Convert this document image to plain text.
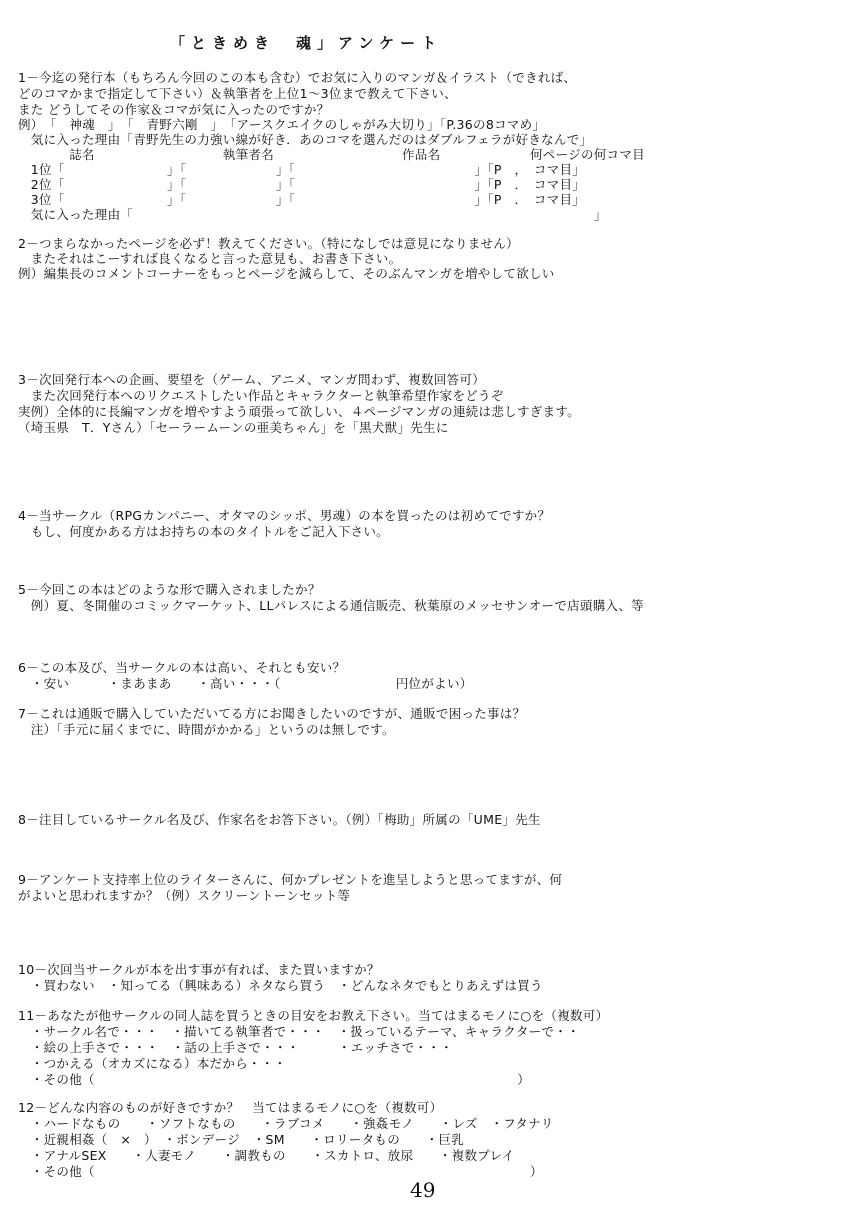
「ときめき　魂」アンケート
1－今迄の発行本（もちろん今回のこの本も含む）でお気に入りのマンガ＆イラスト（できれば、
どのコマかまで指定して下さい）＆執筆者を上位1～3位まで教えて下さい、
また どうしてその作家＆コマが気に入ったのですか？
例）　「　神魂　」　「　青野六剛　」　「アースクエイクのしゃがみ大切り」「P.36の8コマめ」
　気に入った理由「青野先生の力強い線が好き．あのコマを選んだのはダブルフェラが好きなんで」
　　　　誌名　　　　　　　　　　執筆者名　　　　　　　　　　作品名　　　　　　　何ページの何コマ目
　1位「　　　　　　　　」「　　　　　　　」「　　　　　　　　　　　　　　」「P　，　コマ目」
　2位「　　　　　　　　」「　　　　　　　」「　　　　　　　　　　　　　　」「P　．　コマ目」
　3位「　　　　　　　　」「　　　　　　　」「　　　　　　　　　　　　　　」「P　．　コマ目」
　気に入った理由「　　　　　　　　　　　　　　　　　　　　　　　　　　　　　　　　　　　　」
2－つまらなかったページを必ず！教えてください。（特になしでは意見になりません）
　またそれはこーすれば良くなると言った意見も、お書き下さい。
例）編集長のコメントコーナーをもっとページを減らして、そのぶんマンガを増やして欲しい
3－次回発行本への企画、要望を（ゲーム、アニメ、マンガ問わず、複数回答可）
　また次回発行本へのリクエストしたい作品とキャラクターと執筆希望作家をどうぞ
実例）全体的に長編マンガを増やすよう頑張って欲しい、４ページマンガの連続は悲しすぎます。
（埼玉県　T．Yさん）「セーラームーンの亜美ちゃん」を「黒犬獣」先生に
4－当サークル（RPGカンパニー、オタマのシッポ、男魂）の本を買ったのは初めてですか？
　もし、何度かある方はお持ちの本のタイトルをご記入下さい。
5－今回この本はどのような形で購入されましたか？
　例）夏、冬開催のコミックマーケット、LLパレスによる通信販売、秋葉原のメッセサンオーで店頭購入、等
6－この本及び、当サークルの本は高い、それとも安い？
　・安い　　　・まあまあ　　・高い・・・（　　　　　　　　　円位がよい）
7－これは通販で購入していただいてる方にお聞きしたいのですが、通販で困った事は？
　注）「手元に届くまでに、時間がかかる」というのは無しです。
8－注目しているサークル名及び、作家名をお答下さい。（例）「梅助」所属の「UME」先生
9－アンケート支持率上位のライターさんに、何かプレゼントを進呈しようと思ってますが、何
がよいと思われますか？（例）スクリーントーンセット等
10－次回当サークルが本を出す事が有れば、また買いますか？
　・買わない　・知ってる（興味ある）ネタなら買う　・どんなネタでもとりあえずは買う
11－あなたが他サークルの同人誌を買うときの目安をお教え下さい。当てはまるモノに○を（複数可）
　・サークル名で・・・　・描いてる執筆者で・・・　・扱っているテーマ、キャラクターで・・
　・絵の上手さで・・・　・話の上手さで・・・　　　・エッチさで・・・
　・つかえる（オカズになる）本だから・・・
　・その他（　　　　　　　　　　　　　　　　　　　　　　　　　　　　　　　　　）
12－どんな内容のものが好きですか？　当てはまるモノに○を（複数可）
　・ハードなもの　　・ソフトなもの　　・ラブコメ　　・強姦モノ　　・レズ　・フタナリ
　・近親相姦（　×　）　・ボンデージ　・SM　　・ロリータもの　　・巨乳
　・アナルSEX　　・人妻モノ　　・調教もの　　・スカトロ、放尿　　・複数プレイ
　・その他（　　　　　　　　　　　　　　　　　　　　　　　　　　　　　　　　　　）
49
